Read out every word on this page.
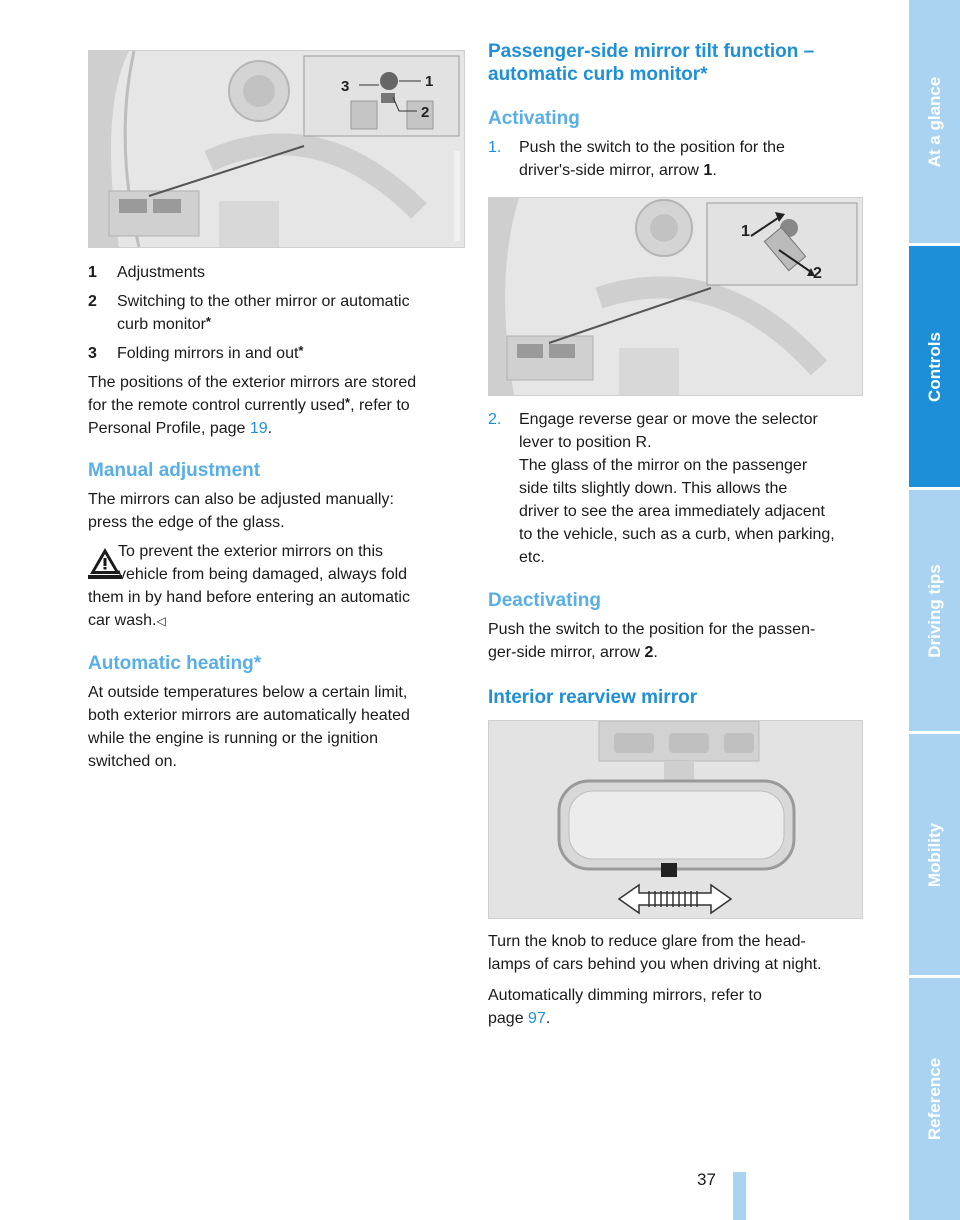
3	1
2
1 Adjustments
2 Switching to the other mirror or automatic
curb monitor*
3 Folding mirrors in and out*
The positions of the exterior mirrors are stored
for the remote control currently used*, refer to
Personal Profile, page 19.
Manual adjustment
The mirrors can also be adjusted manually:
press the edge of the glass.
To prevent the exterior mirrors on this
vehicle from being damaged, always fold
them in by hand before entering an automatic
car wash.◁
Automatic heating*
At outside temperatures below a certain limit,
both exterior mirrors are automatically heated
while the engine is running or the ignition
switched on.
Passenger-side mirror tilt function –
automatic curb monitor*
Activating
1. Push the switch to the position for the
driver's-side mirror, arrow 1.
1
2
2. Engage reverse gear or move the selector
lever to position R.
The glass of the mirror on the passenger
side tilts slightly down. This allows the
driver to see the area immediately adjacent
to the vehicle, such as a curb, when parking,
etc.
Deactivating
Push the switch to the position for the passen-
ger-side mirror, arrow 2.
Interior rearview mirror
Turn the knob to reduce glare from the head-
lamps of cars behind you when driving at night.
Automatically dimming mirrors, refer to
page 97.
37
At a glance
Controls
Driving tips
Mobility
Reference
